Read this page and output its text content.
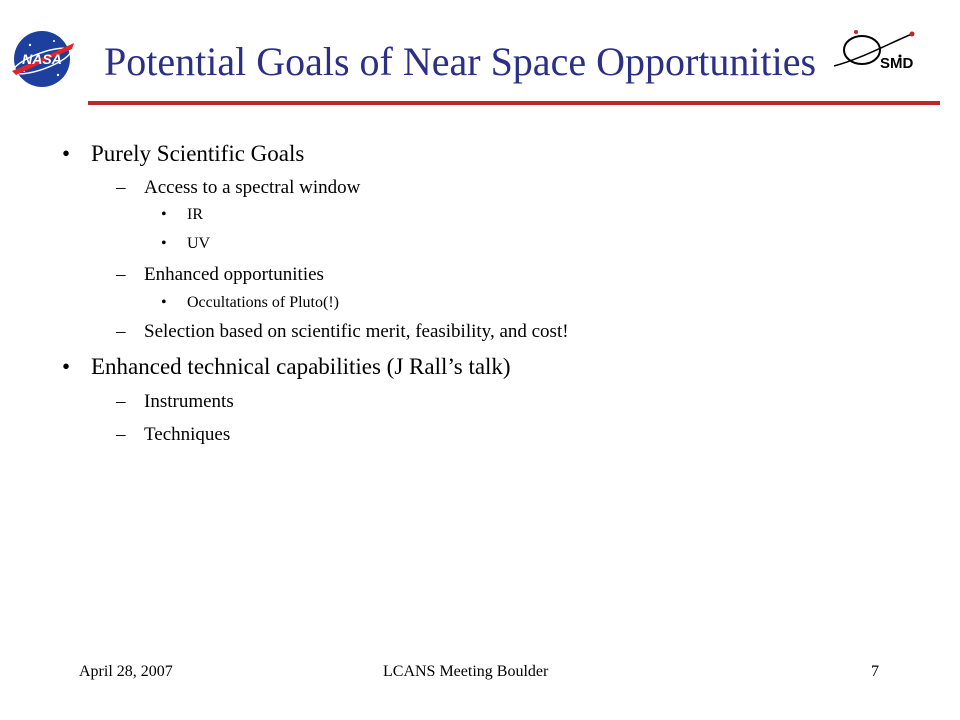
NASA Potential Goals of Near Space Opportunities	SMD
• Purely Scientific Goals
– Access to a spectral window
• IR
• UV
– Enhanced opportunities
• Occultations of Pluto(!)
– Selection based on scientific merit, feasibility, and cost!
• Enhanced technical capabilities (J Rall’s talk)
– Instruments
– Techniques
April 28, 2007	LCANS Meeting Boulder	7
